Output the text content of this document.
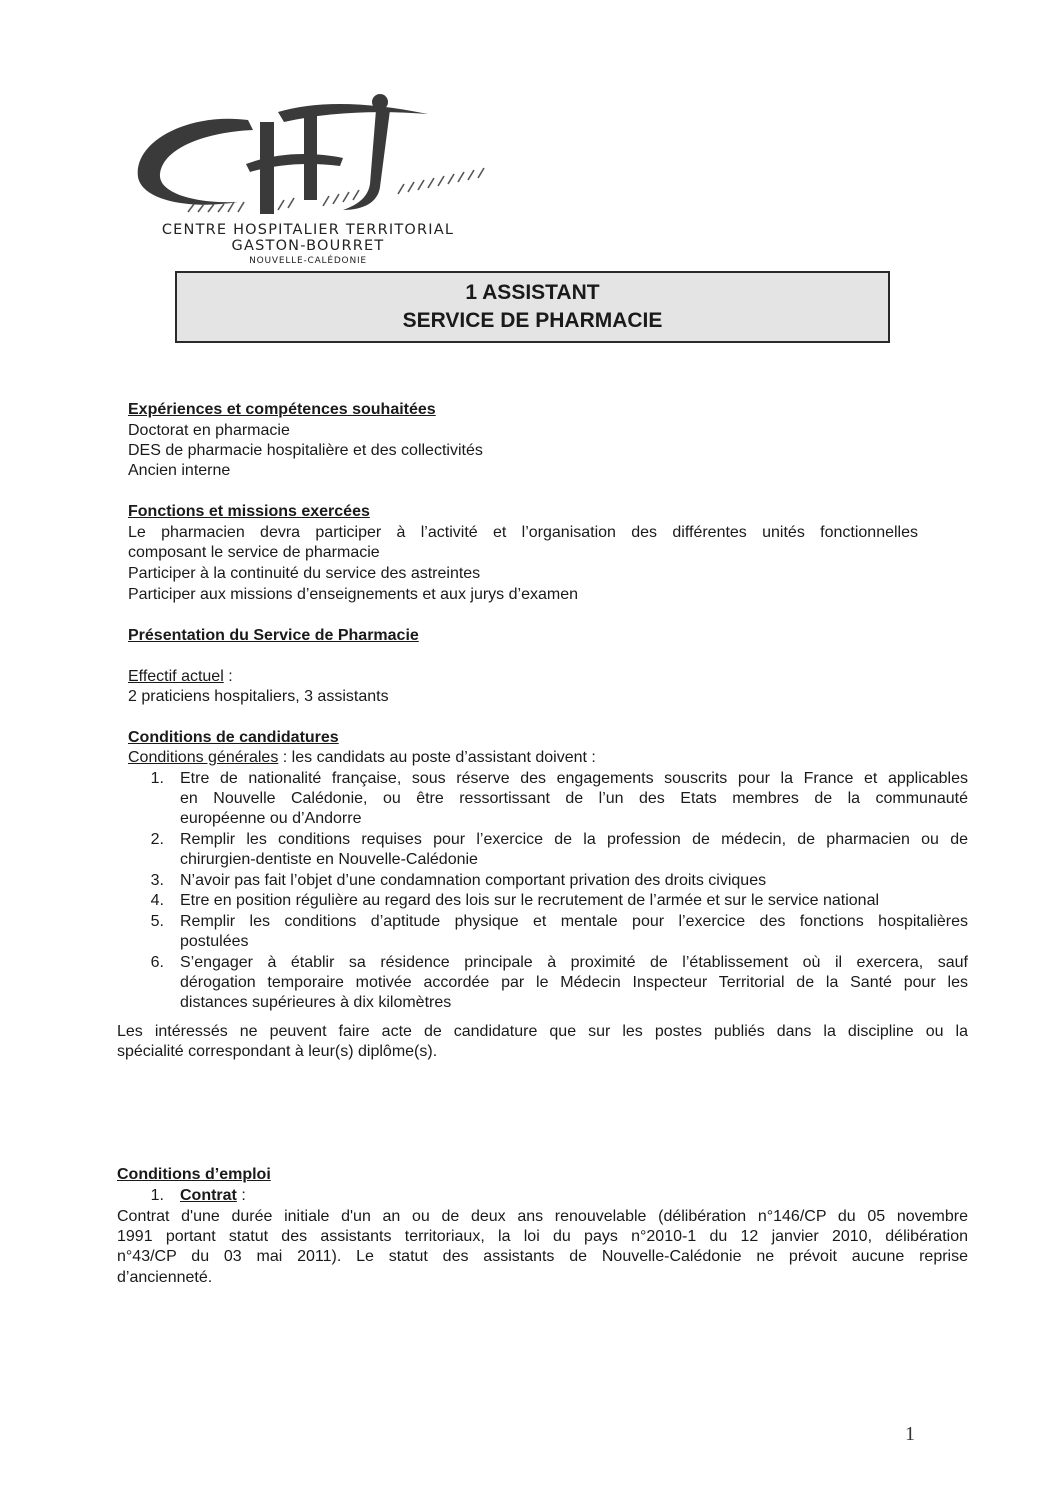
CENTRE HOSPITALIER TERRITORIAL
GASTON-BOURRET
NOUVELLE-CALÉDONIE
1 ASSISTANT
SERVICE DE PHARMACIE
Expériences et compétences souhaitées
Doctorat en pharmacie
DES de pharmacie hospitalière et des collectivités
Ancien interne
Fonctions et missions exercées
Le pharmacien devra participer à l’activité et l’organisation des différentes unités fonctionnelles
composant le service de pharmacie
Participer à la continuité du service des astreintes
Participer aux missions d’enseignements et aux jurys d’examen
Présentation du Service de Pharmacie
Effectif actuel :
2 praticiens hospitaliers, 3 assistants
Conditions de candidatures
Conditions générales : les candidats au poste d’assistant doivent :
1. Etre de nationalité française, sous réserve des engagements souscrits pour la France et applicables
en Nouvelle Calédonie, ou être ressortissant de l’un des Etats membres de la communauté
européenne ou d’Andorre
2. Remplir les conditions requises pour l’exercice de la profession de médecin, de pharmacien ou de
chirurgien-dentiste en Nouvelle-Calédonie
3. N’avoir pas fait l’objet d’une condamnation comportant privation des droits civiques
4. Etre en position régulière au regard des lois sur le recrutement de l’armée et sur le service national
5. Remplir les conditions d’aptitude physique et mentale pour l’exercice des fonctions hospitalières
postulées
6. S’engager à établir sa résidence principale à proximité de l’établissement où il exercera, sauf
dérogation temporaire motivée accordée par le Médecin Inspecteur Territorial de la Santé pour les
distances supérieures à dix kilomètres
Les intéressés ne peuvent faire acte de candidature que sur les postes publiés dans la discipline ou la
spécialité correspondant à leur(s) diplôme(s).
Conditions d’emploi
1. Contrat :
Contrat d'une durée initiale d'un an ou de deux ans renouvelable (délibération n°146/CP du 05 novembre
1991 portant statut des assistants territoriaux, la loi du pays n°2010-1 du 12 janvier 2010, délibération
n°43/CP du 03 mai 2011). Le statut des assistants de Nouvelle-Calédonie ne prévoit aucune reprise
d’ancienneté.
1
